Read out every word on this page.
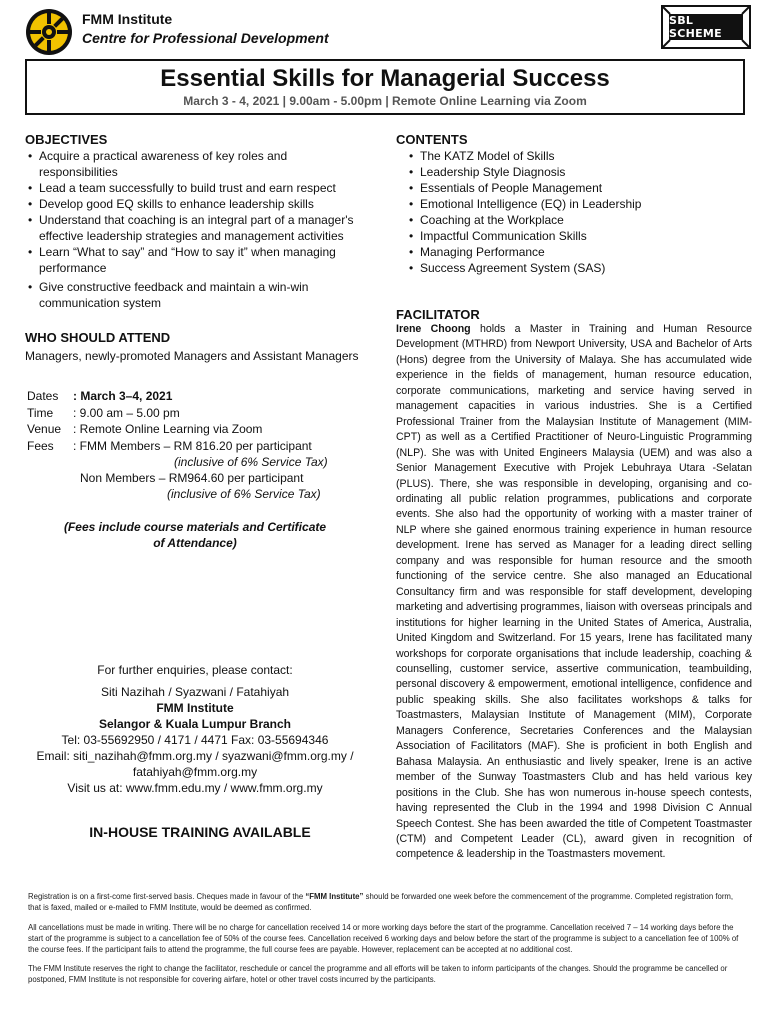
FMM Institute
Centre for Professional Development
SBL SCHEME
Essential Skills for Managerial Success
March 3 - 4, 2021 | 9.00am - 5.00pm | Remote Online Learning via Zoom
OBJECTIVES
• Acquire a practical awareness of key roles and responsibilities
• Lead a team successfully to build trust and earn respect
• Develop good EQ skills to enhance leadership skills
• Understand that coaching is an integral part of a manager's effective leadership strategies and management activities
• Learn “What to say” and “How to say it” when managing performance
• Give constructive feedback and maintain a win-win communication system
WHO SHOULD ATTEND
Managers, newly-promoted Managers and Assistant Managers
Dates	: March 3–4, 2021
Time	: 9.00 am – 5.00 pm
Venue : Remote Online Learning via Zoom
Fees	: FMM Members – RM 816.20 per participant
(inclusive of 6% Service Tax)
Non Members – RM964.60 per participant
(inclusive of 6% Service Tax)
(Fees include course materials and Certificate
of Attendance)
For further enquiries, please contact:
Siti Nazihah / Syazwani / Fatahiyah
FMM Institute
Selangor & Kuala Lumpur Branch
Tel: 03-55692950 / 4171 / 4471 Fax: 03-55694346
Email: siti_nazihah@fmm.org.my / syazwani@fmm.org.my /
fatahiyah@fmm.org.my
Visit us at: www.fmm.edu.my / www.fmm.org.my
IN-HOUSE TRAINING AVAILABLE
CONTENTS
• The KATZ Model of Skills
• Leadership Style Diagnosis
• Essentials of People Management
• Emotional Intelligence (EQ) in Leadership
• Coaching at the Workplace
• Impactful Communication Skills
• Managing Performance
• Success Agreement System (SAS)
FACILITATOR
Irene Choong holds a Master in Training and Human Resource Development (MTHRD) from Newport University, USA and Bachelor of Arts (Hons) degree from the University of Malaya. She has accumulated wide experience in the fields of management, human resource education, corporate communications, marketing and service having served in management capacities in various industries. She is a Certified Professional Trainer from the Malaysian Institute of Management (MIM-CPT) as well as a Certified Practitioner of Neuro-Linguistic Programming (NLP). She was with United Engineers Malaysia (UEM) and was also a Senior Management Executive with Projek Lebuhraya Utara -Selatan (PLUS). There, she was responsible in developing, organising and co-ordinating all public relation programmes, publications and corporate events. She also had the opportunity of working with a master trainer of NLP where she gained enormous training experience in human resource development. Irene has served as Manager for a leading direct selling company and was responsible for human resource and the smooth functioning of the service centre. She also managed an Educational Consultancy firm and was responsible for staff development, developing marketing and advertising programmes, liaison with overseas principals and institutions for higher learning in the United States of America, Australia, United Kingdom and Switzerland. For 15 years, Irene has facilitated many workshops for corporate organisations that include leadership, coaching & counselling, customer service, assertive communication, teambuilding, personal discovery & empowerment, emotional intelligence, confidence and public speaking skills. She also facilitates workshops & talks for Toastmasters, Malaysian Institute of Management (MIM), Corporate Managers Conference, Secretaries Conferences and the Malaysian Association of Facilitators (MAF). She is proficient in both English and Bahasa Malaysia. An enthusiastic and lively speaker, Irene is an active member of the Sunway Toastmasters Club and has held various key positions in the Club. She has won numerous in-house speech contests, having represented the Club in the 1994 and 1998 Division C Annual Speech Contest. She has been awarded the title of Competent Toastmaster (CTM) and Competent Leader (CL), award given in recognition of competence & leadership in the Toastmasters movement.
Registration is on a first-come first-served basis. Cheques made in favour of the “FMM Institute” should be forwarded one week before the commencement of the programme. Completed registration form, that is faxed, mailed or e-mailed to FMM Institute, would be deemed as confirmed.
All cancellations must be made in writing. There will be no charge for cancellation received 14 or more working days before the start of the programme. Cancellation received 7 – 14 working days before the start of the programme is subject to a cancellation fee of 50% of the course fees. Cancellation received 6 working days and below before the start of the programme is subject to a cancellation fee of 100% of the course fees. If the participant fails to attend the programme, the full course fees are payable. However, replacement can be accepted at no additional cost.
The FMM Institute reserves the right to change the facilitator, reschedule or cancel the programme and all efforts will be taken to inform participants of the changes. Should the programme be cancelled or postponed, FMM Institute is not responsible for covering airfare, hotel or other travel costs incurred by the participants.
